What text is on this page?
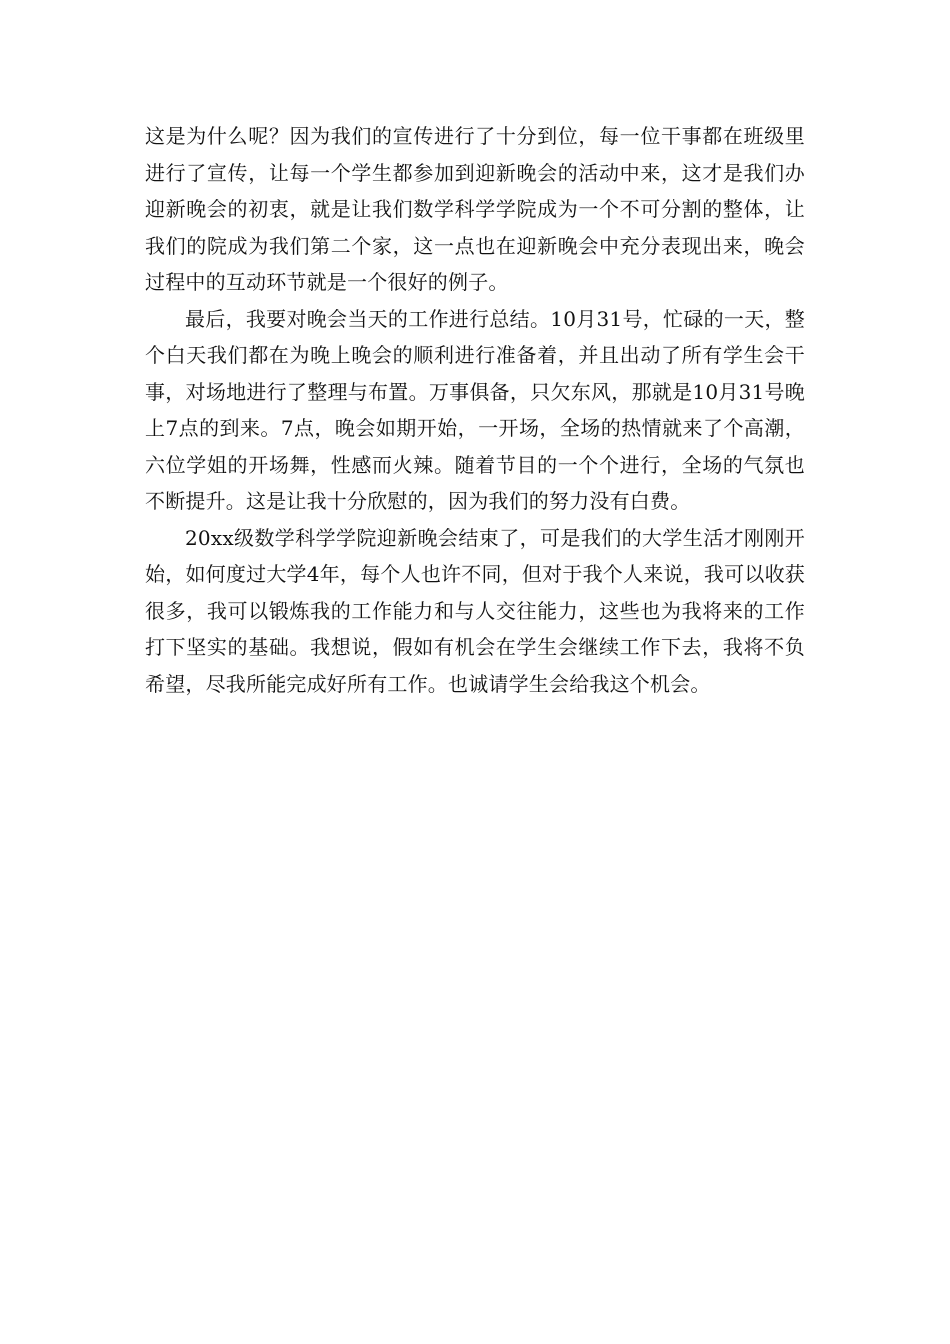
这是为什么呢？因为我们的宣传进行了十分到位，每一位干事都在班级里进行了宣传，让每一个学生都参加到迎新晚会的活动中来，这才是我们办迎新晚会的初衷，就是让我们数学科学学院成为一个不可分割的整体，让我们的院成为我们第二个家，这一点也在迎新晚会中充分表现出来，晚会过程中的互动环节就是一个很好的例子。

最后，我要对晚会当天的工作进行总结。10月31号，忙碌的一天，整个白天我们都在为晚上晚会的顺利进行准备着，并且出动了所有学生会干事，对场地进行了整理与布置。万事俱备，只欠东风，那就是10月31号晚上7点的到来。7点，晚会如期开始，一开场，全场的热情就来了个高潮，六位学姐的开场舞，性感而火辣。随着节目的一个个进行，全场的气氛也不断提升。这是让我十分欣慰的，因为我们的努力没有白费。

20xx级数学科学学院迎新晚会结束了，可是我们的大学生活才刚刚开始，如何度过大学4年，每个人也许不同，但对于我个人来说，我可以收获很多，我可以锻炼我的工作能力和与人交往能力，这些也为我将来的工作打下坚实的基础。我想说，假如有机会在学生会继续工作下去，我将不负希望，尽我所能完成好所有工作。也诚请学生会给我这个机会。
